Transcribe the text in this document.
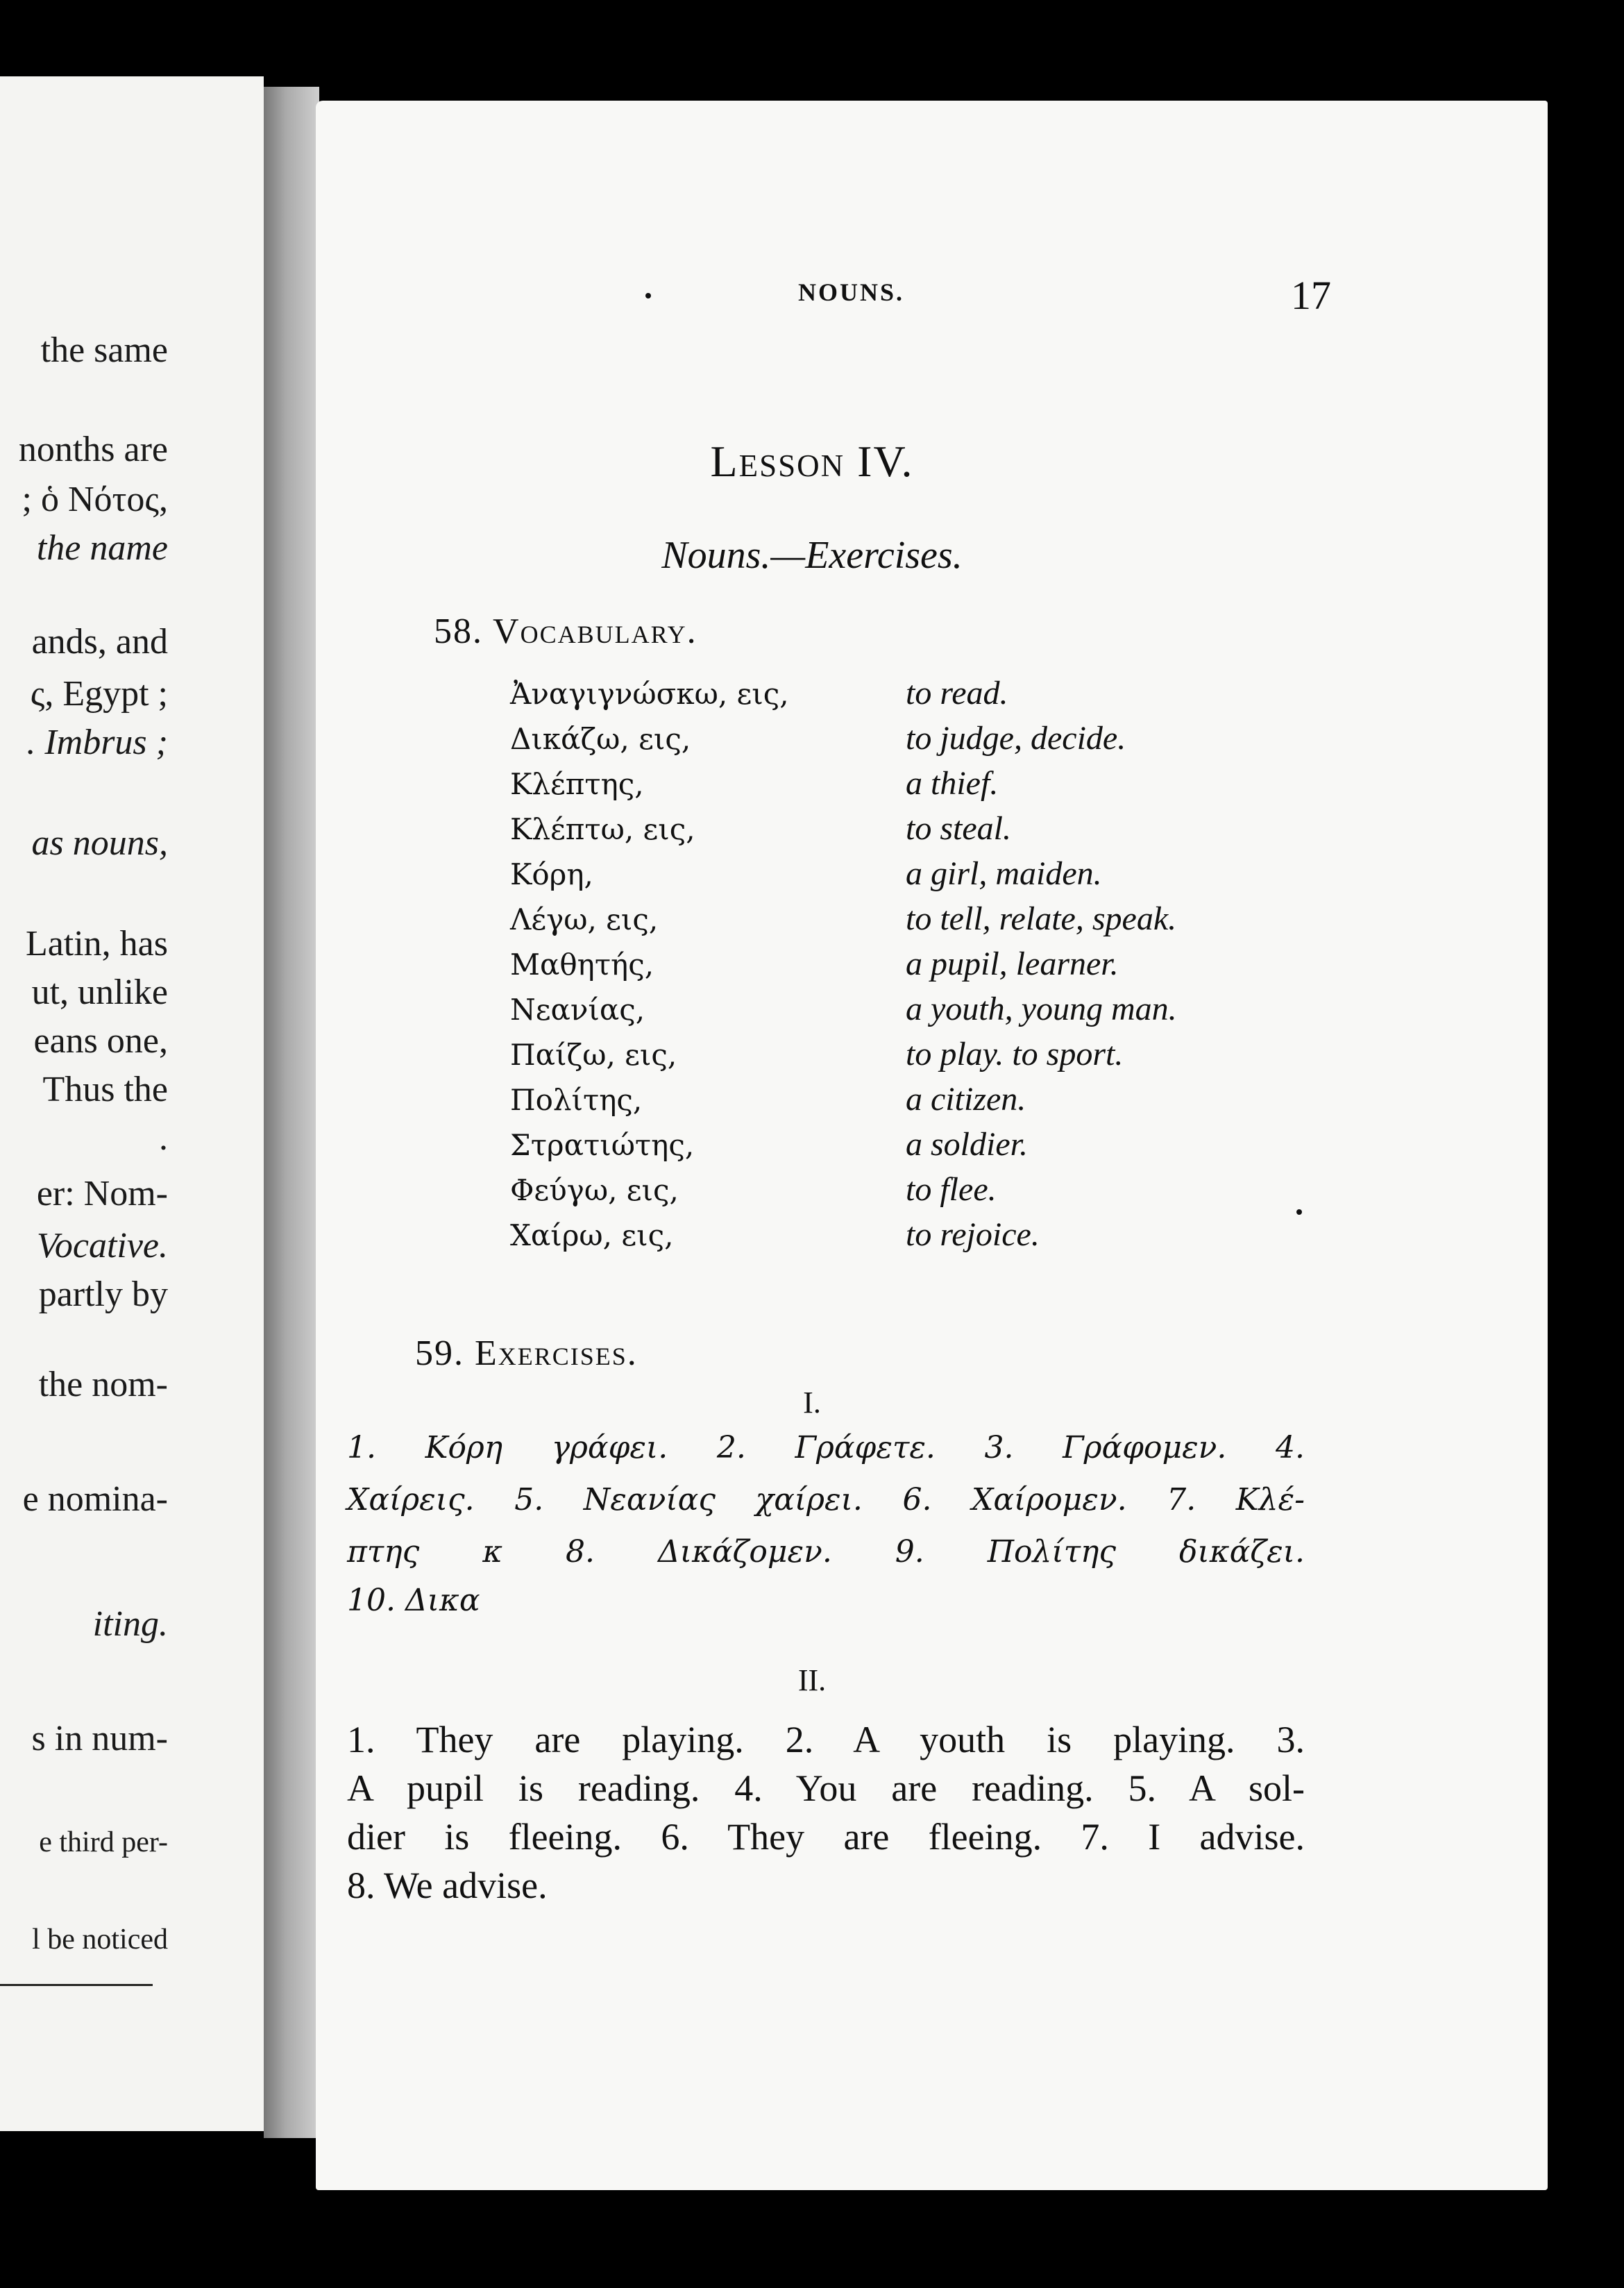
the same
nonths are
; ὁ Νότος,
the name
ands, and
ς, Egypt ;
. Imbrus ;
as nouns,
Latin, has
ut, unlike
eans one,
Thus the
.
er: Nom-
Vocative.
partly by
the nom-
e nomina-
iting.
s in num-
e third per-
l be noticed
NOUNS.	17
Lesson IV.
Nouns.—Exercises.
58. Vocabulary.
Ἀναγιγνώσκω, εις,	to read.
Δικάζω, εις,	to judge, decide.
Κλέπτης,	a thief.
Κλέπτω, εις,	to steal.
Κόρη,	a girl, maiden.
Λέγω, εις,	to tell, relate, speak.
Μαθητής,	a pupil, learner.
Νεανίας,	a youth, young man.
Παίζω, εις,	to play. to sport.
Πολίτης,	a citizen.
Στρατιώτης,	a soldier.
Φεύγω, εις,	to flee.
Χαίρω, εις,	to rejoice.
59. Exercises.
I.
1. Κόρη γράφει. 2. Γράφετε. 3. Γράφομεν. 4.
Χαίρεις. 5. Νεανίας χαίρει. 6. Χαίρομεν. 7. Κλέ-
πτης κ 8. Δικάζομεν. 9. Πολίτης δικάζει.
10. Δικα
II.
1. They are playing. 2. A youth is playing. 3.
A pupil is reading. 4. You are reading. 5. A sol-
dier is fleeing. 6. They are fleeing. 7. I advise.
8. We advise.
